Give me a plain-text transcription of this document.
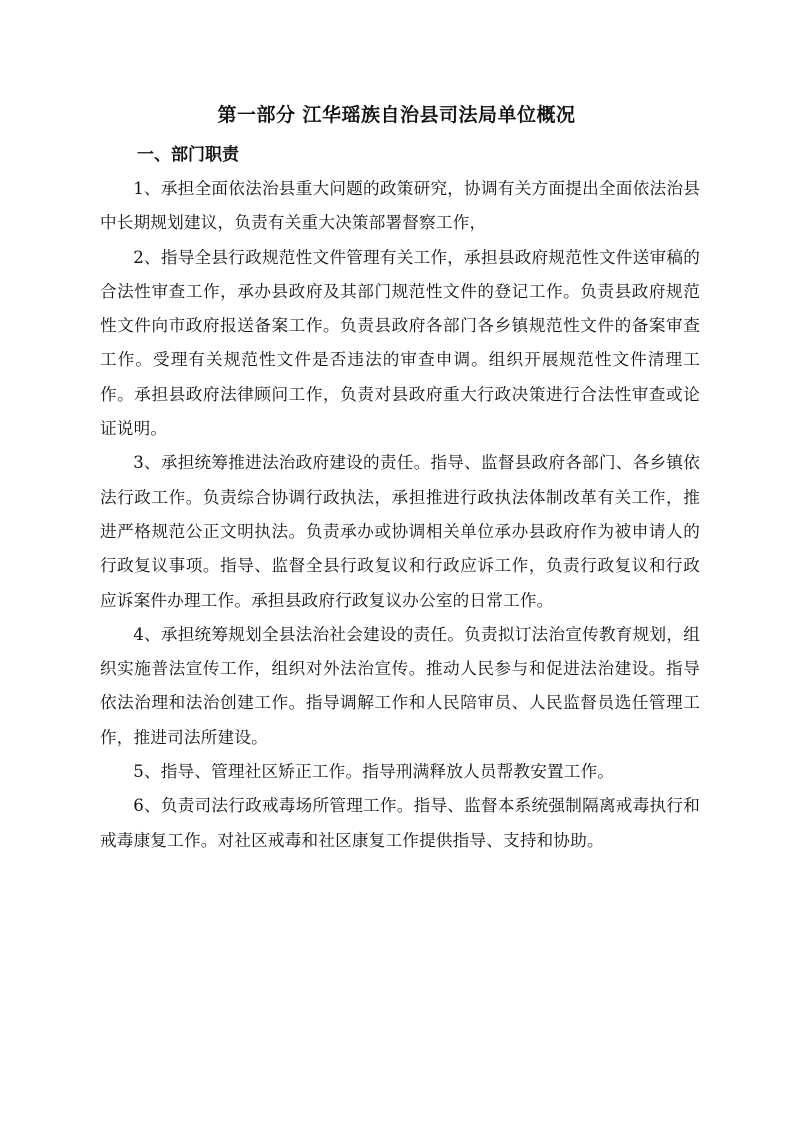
第一部分 江华瑶族自治县司法局单位概况
一、部门职责

1、承担全面依法治县重大问题的政策研究，协调有关方面提出全面依法治县中长期规划建议，负责有关重大决策部署督察工作，

2、指导全县行政规范性文件管理有关工作，承担县政府规范性文件送审稿的合法性审查工作，承办县政府及其部门规范性文件的登记工作。负责县政府规范性文件向市政府报送备案工作。负责县政府各部门各乡镇规范性文件的备案审查工作。受理有关规范性文件是否违法的审查申调。组织开展规范性文件清理工作。承担县政府法律顾问工作，负责对县政府重大行政决策进行合法性审查或论证说明。

3、承担统筹推进法治政府建设的责任。指导、监督县政府各部门、各乡镇依法行政工作。负责综合协调行政执法，承担推进行政执法体制改革有关工作，推进严格规范公正文明执法。负责承办或协调相关单位承办县政府作为被申请人的行政复议事项。指导、监督全县行政复议和行政应诉工作，负责行政复议和行政应诉案件办理工作。承担县政府行政复议办公室的日常工作。

4、承担统筹规划全县法治社会建设的责任。负责拟订法治宣传教育规划，组织实施普法宣传工作，组织对外法治宣传。推动人民参与和促进法治建设。指导依法治理和法治创建工作。指导调解工作和人民陪审员、人民监督员选任管理工作，推进司法所建设。

5、指导、管理社区矫正工作。指导刑满释放人员帮教安置工作。

6、负责司法行政戒毒场所管理工作。指导、监督本系统强制隔离戒毒执行和戒毒康复工作。对社区戒毒和社区康复工作提供指导、支持和协助。
